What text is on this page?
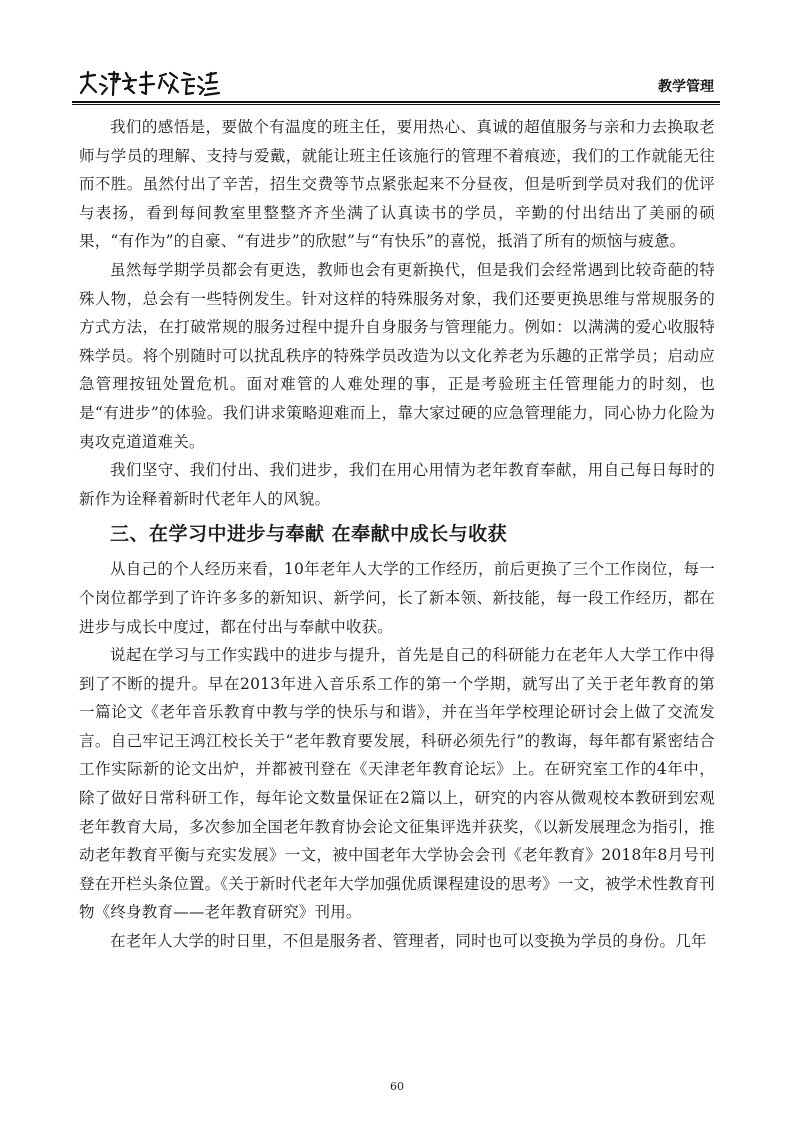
教学管理

我们的感悟是，要做个有温度的班主任，要用热心、真诚的超值服务与亲和力去换取老师与学员的理解、支持与爱戴，就能让班主任该施行的管理不着痕迹，我们的工作就能无往而不胜。虽然付出了辛苦，招生交费等节点紧张起来不分昼夜，但是听到学员对我们的优评与表扬，看到每间教室里整整齐齐坐满了认真读书的学员，辛勤的付出结出了美丽的硕果，“有作为”的自豪、“有进步”的欣慰”与“有快乐”的喜悦，抵消了所有的烦恼与疲惫。

虽然每学期学员都会有更迭，教师也会有更新换代，但是我们会经常遇到比较奇葩的特殊人物，总会有一些特例发生。针对这样的特殊服务对象，我们还要更换思维与常规服务的方式方法，在打破常规的服务过程中提升自身服务与管理能力。例如：以满满的爱心收服特殊学员。将个别随时可以扰乱秩序的特殊学员改造为以文化养老为乐趣的正常学员；启动应急管理按钮处置危机。面对难管的人难处理的事，正是考验班主任管理能力的时刻，也是“有进步”的体验。我们讲求策略迎难而上，靠大家过硬的应急管理能力，同心协力化险为夷攻克道道难关。

我们坚守、我们付出、我们进步，我们在用心用情为老年教育奉献，用自己每日每时的新作为诠释着新时代老年人的风貌。

三、在学习中进步与奉献 在奉献中成长与收获

从自己的个人经历来看，10年老年人大学的工作经历，前后更换了三个工作岗位，每一个岗位都学到了许许多多的新知识、新学问，长了新本领、新技能，每一段工作经历，都在进步与成长中度过，都在付出与奉献中收获。

说起在学习与工作实践中的进步与提升，首先是自己的科研能力在老年人大学工作中得到了不断的提升。早在2013年进入音乐系工作的第一个学期，就写出了关于老年教育的第一篇论文《老年音乐教育中教与学的快乐与和谐》，并在当年学校理论研讨会上做了交流发言。自己牢记王鸿江校长关于“老年教育要发展，科研必须先行”的教诲，每年都有紧密结合工作实际新的论文出炉，并都被刊登在《天津老年教育论坛》上。在研究室工作的4年中，除了做好日常科研工作，每年论文数量保证在2篇以上，研究的内容从微观校本教研到宏观老年教育大局，多次参加全国老年教育协会论文征集评选并获奖，《以新发展理念为指引，推动老年教育平衡与充实发展》一文，被中国老年大学协会会刊《老年教育》2018年8月号刊登在开栏头条位置。《关于新时代老年大学加强优质课程建设的思考》一文，被学术性教育刊物《终身教育——老年教育研究》刊用。

在老年人大学的时日里，不但是服务者、管理者，同时也可以变换为学员的身份。几年

60
